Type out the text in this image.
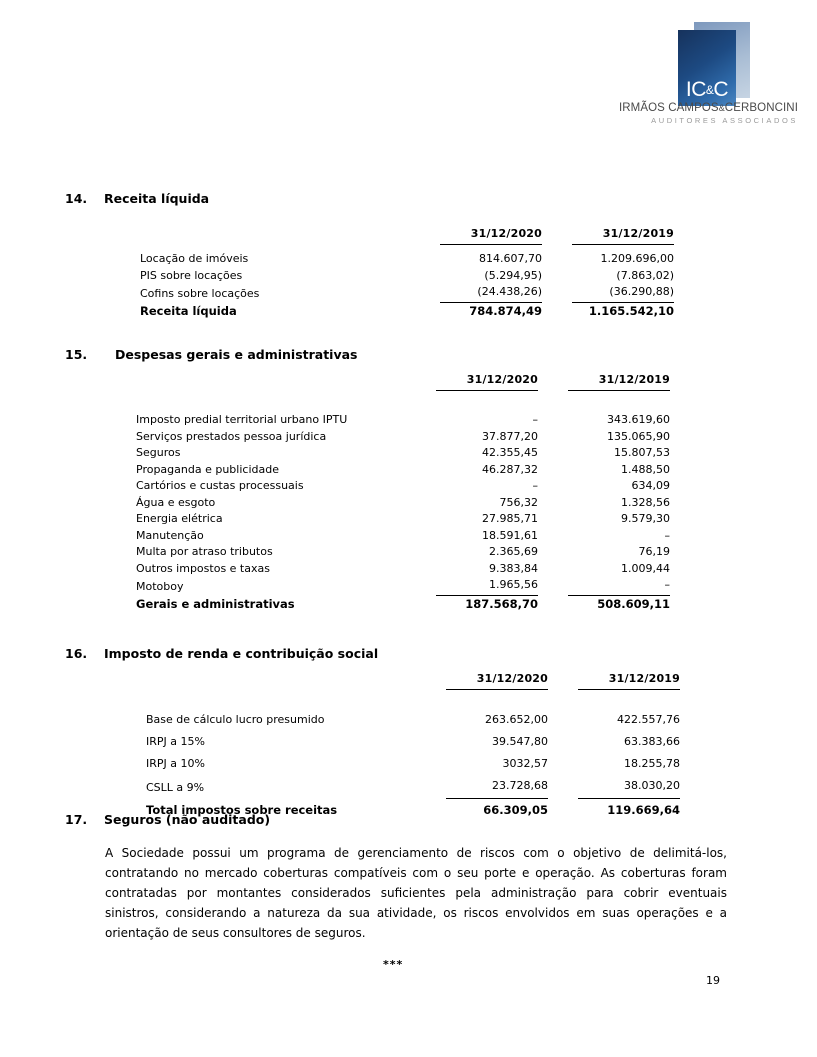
IC&C
IRMÃOS CAMPOS&CERBONCINI
AUDITORES ASSOCIADOS
14. Receita líquida
	31/12/2020		31/12/2019

Locação de imóveis	814.607,70		1.209.696,00
PIS sobre locações	(5.294,95)		(7.863,02)
Cofins sobre locações	(24.438,26)		(36.290,88)
Receita líquida	784.874,49		1.165.542,10
15. Despesas gerais e administrativas
	31/12/2020		31/12/2019

Imposto predial territorial urbano IPTU	–		343.619,60
Serviços prestados pessoa jurídica	37.877,20		135.065,90
Seguros	42.355,45		15.807,53
Propaganda e publicidade	46.287,32		1.488,50
Cartórios e custas processuais	–		634,09
Água e esgoto	756,32		1.328,56
Energia elétrica	27.985,71		9.579,30
Manutenção	18.591,61		–
Multa por atraso tributos	2.365,69		76,19
Outros impostos e taxas	9.383,84		1.009,44
Motoboy	1.965,56		–
Gerais e administrativas	187.568,70		508.609,11
16. Imposto de renda e contribuição social
	31/12/2020		31/12/2019

Base de cálculo lucro presumido	263.652,00		422.557,76
IRPJ a 15%	39.547,80		63.383,66
IRPJ a 10%	3032,57		18.255,78
CSLL a 9%	23.728,68		38.030,20
Total impostos sobre receitas	66.309,05		119.669,64
17. Seguros (não auditado)
A Sociedade possui um programa de gerenciamento de riscos com o objetivo de delimitá-los, contratando no mercado coberturas compatíveis com o seu porte e operação. As coberturas foram contratadas por montantes considerados suficientes pela administração para cobrir eventuais sinistros, considerando a natureza da sua atividade, os riscos envolvidos em suas operações e a orientação de seus consultores de seguros.
***
19
